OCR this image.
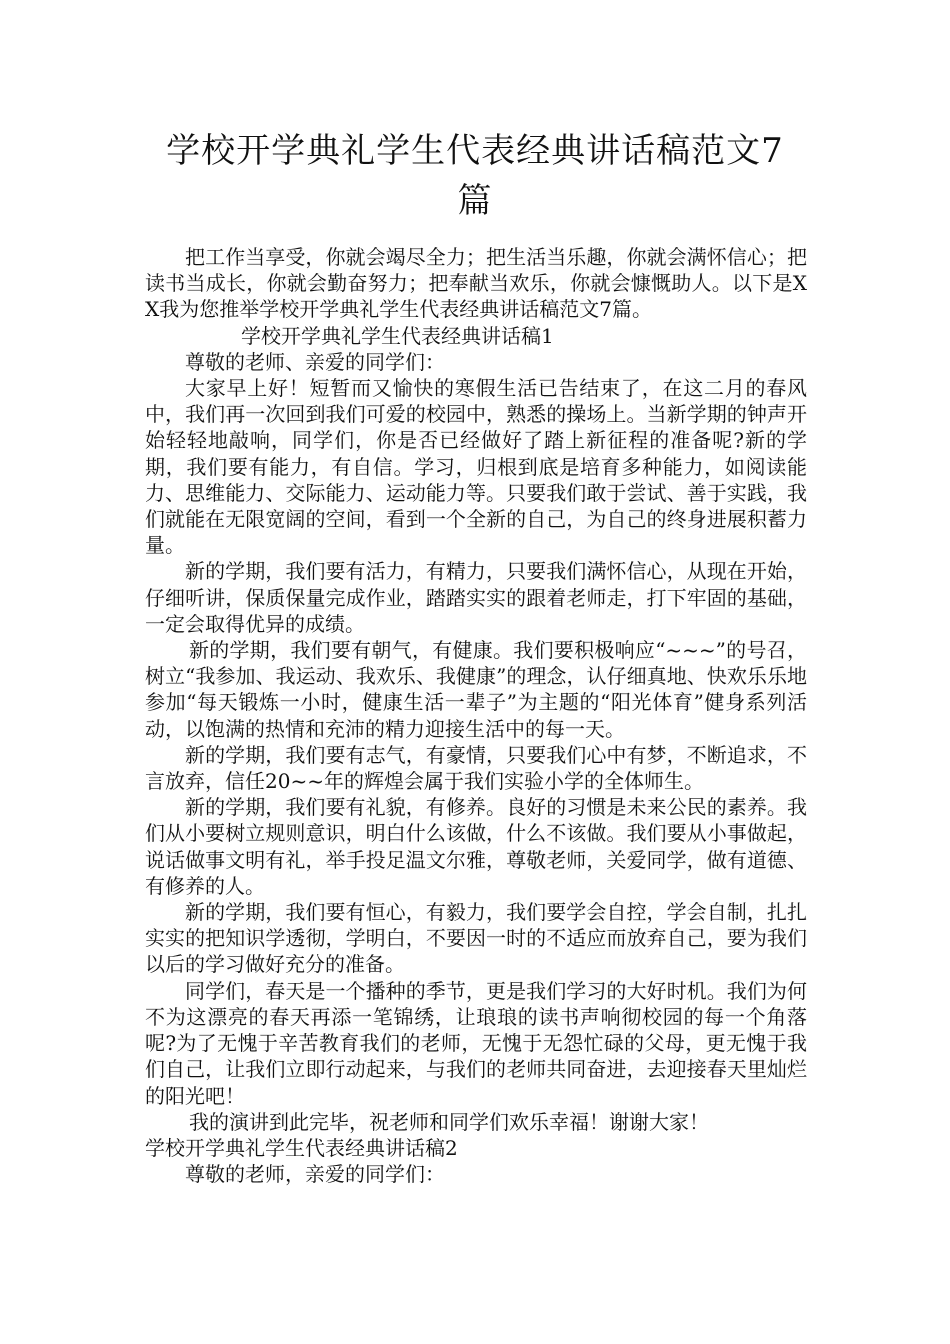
学校开学典礼学生代表经典讲话稿范文7篇

把工作当享受，你就会竭尽全力；把生活当乐趣，你就会满怀信心；把读书当成长，你就会勤奋努力；把奉献当欢乐，你就会慷慨助人。以下是XX我为您推举学校开学典礼学生代表经典讲话稿范文7篇。

学校开学典礼学生代表经典讲话稿1

尊敬的老师、亲爱的同学们：

大家早上好！短暂而又愉快的寒假生活已告结束了，在这二月的春风中，我们再一次回到我们可爱的校园中，熟悉的操场上。当新学期的钟声开始轻轻地敲响，同学们，你是否已经做好了踏上新征程的准备呢?新的学期，我们要有能力，有自信。学习，归根到底是培育多种能力，如阅读能力、思维能力、交际能力、运动能力等。只要我们敢于尝试、善于实践，我们就能在无限宽阔的空间，看到一个全新的自己，为自己的终身进展积蓄力量。

新的学期，我们要有活力，有精力，只要我们满怀信心，从现在开始，仔细听讲，保质保量完成作业，踏踏实实的跟着老师走，打下牢固的基础，一定会取得优异的成绩。

新的学期，我们要有朝气，有健康。我们要积极响应“~~~”的号召，树立“我参加、我运动、我欢乐、我健康”的理念，认仔细真地、快欢乐乐地参加“每天锻炼一小时，健康生活一辈子”为主题的“阳光体育”健身系列活动，以饱满的热情和充沛的精力迎接生活中的每一天。

新的学期，我们要有志气，有豪情，只要我们心中有梦，不断追求，不言放弃，信任20~~年的辉煌会属于我们实验小学的全体师生。

新的学期，我们要有礼貌，有修养。良好的习惯是未来公民的素养。我们从小要树立规则意识，明白什么该做，什么不该做。我们要从小事做起，说话做事文明有礼，举手投足温文尔雅，尊敬老师，关爱同学，做有道德、有修养的人。

新的学期，我们要有恒心，有毅力，我们要学会自控，学会自制，扎扎实实的把知识学透彻，学明白，不要因一时的不适应而放弃自己，要为我们以后的学习做好充分的准备。

同学们，春天是一个播种的季节，更是我们学习的大好时机。我们为何不为这漂亮的春天再添一笔锦绣，让琅琅的读书声响彻校园的每一个角落呢?为了无愧于辛苦教育我们的老师，无愧于无怨忙碌的父母，更无愧于我们自己，让我们立即行动起来，与我们的老师共同奋进，去迎接春天里灿烂的阳光吧！

我的演讲到此完毕，祝老师和同学们欢乐幸福！谢谢大家！

学校开学典礼学生代表经典讲话稿2

尊敬的老师，亲爱的同学们：
